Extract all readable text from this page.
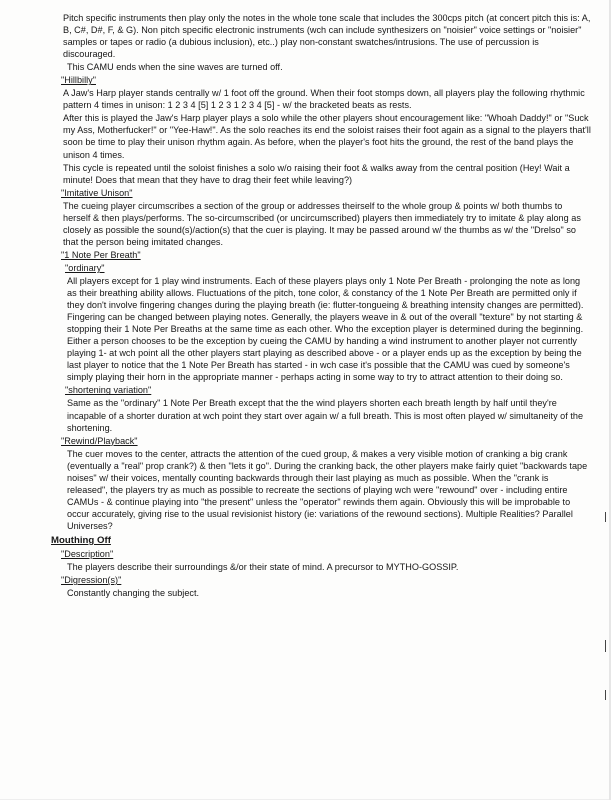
Pitch specific instruments then play only the notes in the whole tone scale that includes the 300cps pitch (at concert pitch this is: A, B, C#, D#, F, & G). Non pitch specific electronic instruments (wch can include synthesizers on "noisier" voice settings or "noisier" samples or tapes or radio (a dubious inclusion), etc..) play non-constant swatches/intrusions. The use of percussion is discouraged.

This CAMU ends when the sine waves are turned off.

"Hillbilly"

A Jaw's Harp player stands centrally w/ 1 foot off the ground. When their foot stomps down, all players play the following rhythmic pattern 4 times in unison: 1 2 3 4 [5] 1 2 3 1 2 3 4 [5] - w/ the bracketed beats as rests.

After this is played the Jaw's Harp player plays a solo while the other players shout encouragement like: "Whoah Daddy!" or "Suck my Ass, Motherfucker!" or "Yee-Haw!". As the solo reaches its end the soloist raises their foot again as a signal to the players that'll soon be time to play their unison rhythm again. As before, when the player's foot hits the ground, the rest of the band plays the unison 4 times.

This cycle is repeated until the soloist finishes a solo w/o raising their foot & walks away from the central position (Hey! Wait a minute! Does that mean that they have to drag their feet while leaving?)

"Imitative Unison"

The cueing player circumscribes a section of the group or addresses theirself to the whole group & points w/ both thumbs to herself & then plays/performs. The so-circumscribed (or uncircumscribed) players then immediately try to imitate & play along as closely as possible the sound(s)/action(s) that the cuer is playing. It may be passed around w/ the thumbs as w/ the "Drelso" so that the person being imitated changes.

"1 Note Per Breath"

"ordinary"

All players except for 1 play wind instruments. Each of these players plays only 1 Note Per Breath - prolonging the note as long as their breathing ability allows. Fluctuations of the pitch, tone color, & constancy of the 1 Note Per Breath are permitted only if they don't involve fingering changes during the playing breath (ie: flutter-tongueing & breathing intensity changes are permitted). Fingering can be changed between playing notes. Generally, the players weave in & out of the overall "texture" by not starting & stopping their 1 Note Per Breaths at the same time as each other. Who the exception player is determined during the beginning. Either a person chooses to be the exception by cueing the CAMU by handing a wind instrument to another player not currently playing 1- at wch point all the other players start playing as described above - or a player ends up as the exception by being the last player to notice that the 1 Note Per Breath has started - in wch case it's possible that the CAMU was cued by someone's simply playing their horn in the appropriate manner - perhaps acting in some way to try to attract attention to their doing so.

"shortening variation"

Same as the "ordinary" 1 Note Per Breath except that the the wind players shorten each breath length by half until they're incapable of a shorter duration at wch point they start over again w/ a full breath. This is most often played w/ simultaneity of the shortening.

"Rewind/Playback"

The cuer moves to the center, attracts the attention of the cued group, & makes a very visible motion of cranking a big crank (eventually a "real" prop crank?) & then "lets it go". During the cranking back, the other players make fairly quiet "backwards tape noises" w/ their voices, mentally counting backwards through their last playing as much as possible. When the "crank is released", the players try as much as possible to recreate the sections of playing wch were "rewound" over - including entire CAMUs - & continue playing into "the present" unless the "operator" rewinds them again. Obviously this will be improbable to occur accurately, giving rise to the usual revisionist history (ie: variations of the rewound sections). Multiple Realities? Parallel Universes?

Mouthing Off

"Description"

The players describe their surroundings &/or their state of mind. A precursor to MYTHO-GOSSIP.

"Digression(s)"

Constantly changing the subject.
